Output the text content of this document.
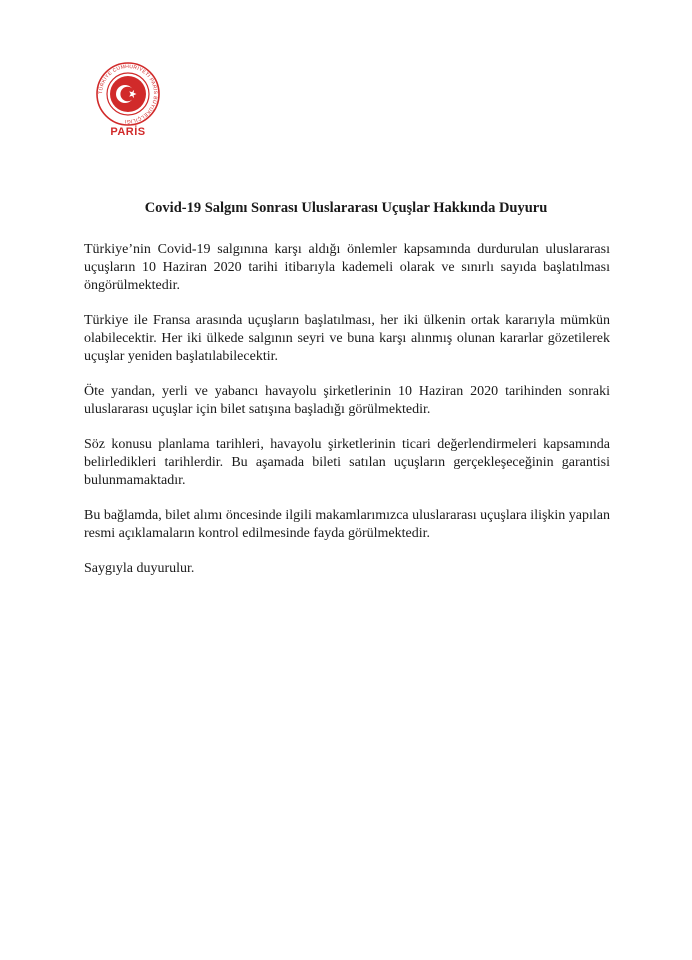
TÜRKİYE CUMHURİYETİ PARİS BÜYÜKELÇİLİĞİ
PARİS
Covid-19 Salgını Sonrası Uluslararası Uçuşlar Hakkında Duyuru

Türkiye’nin Covid-19 salgınına karşı aldığı önlemler kapsamında durdurulan uluslararası uçuşların 10 Haziran 2020 tarihi itibarıyla kademeli olarak ve sınırlı sayıda başlatılması öngörülmektedir.

Türkiye ile Fransa arasında uçuşların başlatılması, her iki ülkenin ortak kararıyla mümkün olabilecektir. Her iki ülkede salgının seyri ve buna karşı alınmış olunan kararlar gözetilerek uçuşlar yeniden başlatılabilecektir.

Öte yandan, yerli ve yabancı havayolu şirketlerinin 10 Haziran 2020 tarihinden sonraki uluslararası uçuşlar için bilet satışına başladığı görülmektedir.

Söz konusu planlama tarihleri, havayolu şirketlerinin ticari değerlendirmeleri kapsamında belirledikleri tarihlerdir. Bu aşamada bileti satılan uçuşların gerçekleşeceğinin garantisi bulunmamaktadır.

Bu bağlamda, bilet alımı öncesinde ilgili makamlarımızca uluslararası uçuşlara ilişkin yapılan resmi açıklamaların kontrol edilmesinde fayda görülmektedir.

Saygıyla duyurulur.
